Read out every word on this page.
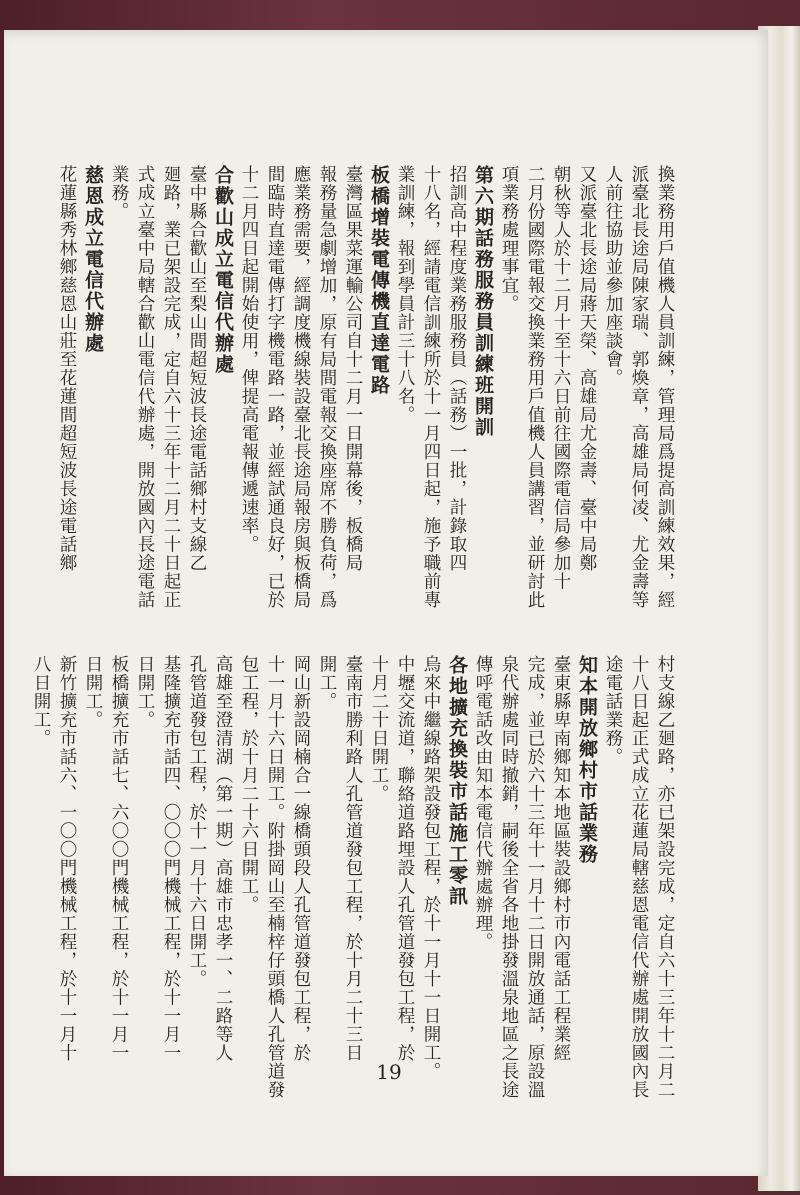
換業務用戶值機人員訓練，管理局爲提高訓練效果，經
派臺北長途局陳家瑞、郭煥章，高雄局何凌、尤金壽等
人前往協助並參加座談會。
又派臺北長途局蔣天榮、高雄局尤金壽、臺中局鄭
朝秋等人於十二月十至十六日前往國際電信局參加十
二月份國際電報交換業務用戶值機人員講習，並研討此
項業務處理事宜。
第六期話務服務員訓練班開訓
招訓高中程度業務服務員（話務）一批，計錄取四
十八名，經請電信訓練所於十一月四日起，施予職前專
業訓練，報到學員計三十八名。
板橋增裝電傳機直達電路
臺灣區果菜運輸公司自十二月一日開幕後，板橋局
報務量急劇增加，原有局間電報交換座席不勝負荷，爲
應業務需要，經調度機線裝設臺北長途局報房與板橋局
間臨時直達電傳打字機電路一路，並經試通良好，已於
十二月四日起開始使用，俾提高電報傳遞速率。
合歡山成立電信代辦處
臺中縣合歡山至梨山間超短波長途電話鄉村支線乙
廻路，業已架設完成，定自六十三年十二月二十日起正
式成立臺中局轄合歡山電信代辦處，開放國內長途電話
業務。
慈恩成立電信代辦處
花蓮縣秀林鄉慈恩山莊至花蓮間超短波長途電話鄉
村支線乙廻路，亦已架設完成，定自六十三年十二月二
十八日起正式成立花蓮局轄慈恩電信代辦處開放國內長
途電話業務。
知本開放鄉村市話業務
臺東縣卑南鄉知本地區裝設鄉村市內電話工程業經
完成，並已於六十三年十一月十二日開放通話，原設溫
泉代辦處同時撤銷，嗣後全省各地掛發溫泉地區之長途
傳呼電話改由知本電信代辦處辦理。
各地擴充換裝市話施工零訊
烏來中繼線路架設發包工程，於十一月十一日開工。
中壢交流道，聯絡道路埋設人孔管道發包工程，於
十月二十日開工。
臺南市勝利路人孔管道發包工程，於十月二十三日
開工。
岡山新設岡楠合一線橋頭段人孔管道發包工程，於
十一月十六日開工。附掛岡山至楠梓仔頭橋人孔管道發
包工程，於十月二十六日開工。
高雄至澄清湖（第一期）高雄市忠孝一、二路等人
孔管道發包工程，於十一月十六日開工。
基隆擴充市話四、〇〇〇門機械工程，於十一月一
日開工。
板橋擴充市話七、六〇〇門機械工程，於十一月一
日開工。
新竹擴充市話六、一〇〇門機械工程，於十一月十
八日開工。
19
